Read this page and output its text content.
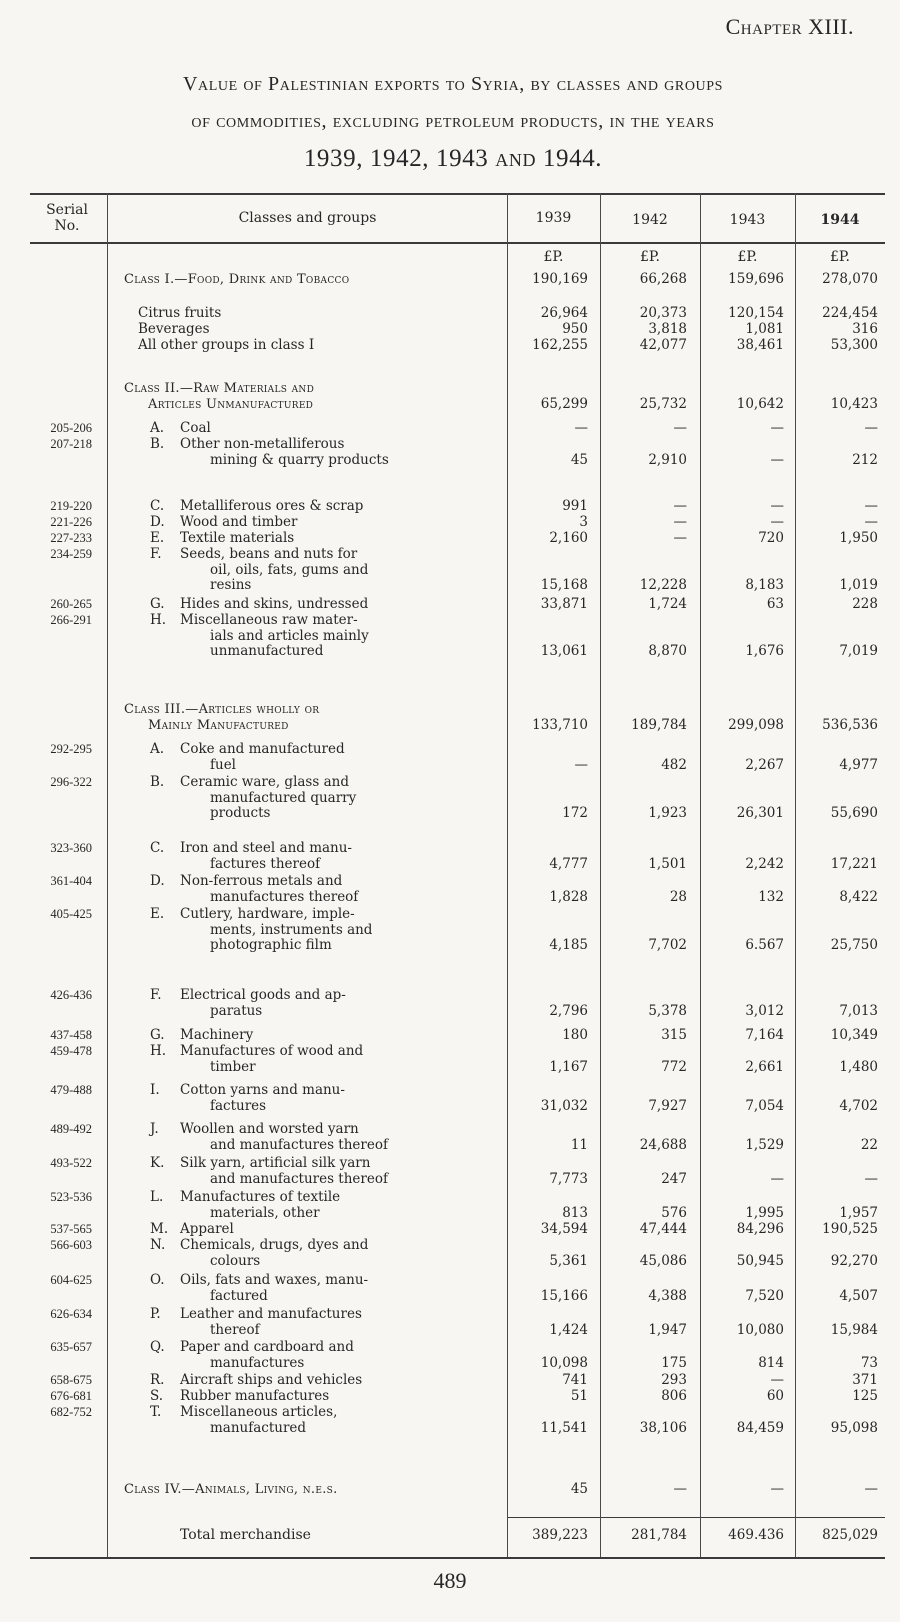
Chapter XIII.
Value of Palestinian exports to Syria, by classes and groups
of commodities, excluding petroleum products, in the years
1939, 1942, 1943 and 1944.
Serial
No.	Classes and groups	1939	1942	1943	1944
£P.	£P.	£P.	£P.
Class I.—Food, Drink and Tobacco	190,169	66,268	159,696	278,070
Citrus fruits	26,964	20,373	120,154	224,454
Beverages	950	3,818	1,081	316
All other groups in class I	162,255	42,077	38,461	53,300
Class II.—Raw Materials and
Articles Unmanufactured	65,299	25,732	10,642	10,423
205-206	A. Coal	—	—	—	—
207-218	B. Other non-metalliferous
mining & quarry products	45	2,910	—	212
219-220	C. Metalliferous ores & scrap	991	—	—	—
221-226	D. Wood and timber	3	—	—	—
227-233	E. Textile materials	2,160	—	720	1,950
234-259	F. Seeds, beans and nuts for
oil, oils, fats, gums and
resins	15,168	12,228	8,183	1,019
260-265	G. Hides and skins, undressed	33,871	1,724	63	228
266-291	H. Miscellaneous raw mater-
ials and articles mainly
unmanufactured	13,061	8,870	1,676	7,019
Class III.—Articles wholly or
Mainly Manufactured	133,710	189,784	299,098	536,536
292-295	A. Coke and manufactured
fuel	—	482	2,267	4,977
296-322	B. Ceramic ware, glass and
manufactured quarry
products	172	1,923	26,301	55,690
323-360	C. Iron and steel and manu-
factures thereof	4,777	1,501	2,242	17,221
361-404	D. Non-ferrous metals and
manufactures thereof	1,828	28	132	8,422
405-425	E. Cutlery, hardware, imple-
ments, instruments and
photographic film	4,185	7,702	6.567	25,750
426-436	F. Electrical goods and ap-
paratus	2,796	5,378	3,012	7,013
437-458	G. Machinery	180	315	7,164	10,349
459-478	H. Manufactures of wood and
timber	1,167	772	2,661	1,480
479-488	I. Cotton yarns and manu-
factures	31,032	7,927	7,054	4,702
489-492	J. Woollen and worsted yarn
and manufactures thereof	11	24,688	1,529	22
493-522	K. Silk yarn, artificial silk yarn
and manufactures thereof	7,773	247	—	—
523-536	L. Manufactures of textile
materials, other	813	576	1,995	1,957
537-565	M. Apparel	34,594	47,444	84,296	190,525
566-603	N. Chemicals, drugs, dyes and
colours	5,361	45,086	50,945	92,270
604-625	O. Oils, fats and waxes, manu-
factured	15,166	4,388	7,520	4,507
626-634	P. Leather and manufactures
thereof	1,424	1,947	10,080	15,984
635-657	Q. Paper and cardboard and
manufactures	10,098	175	814	73
658-675	R. Aircraft ships and vehicles	741	293	—	371
676-681	S. Rubber manufactures	51	806	60	125
682-752	T. Miscellaneous articles,
manufactured	11,541	38,106	84,459	95,098
Class IV.—Animals, Living, n.e.s.	45	—	—	—
Total merchandise	389,223	281,784	469.436	825,029
489
